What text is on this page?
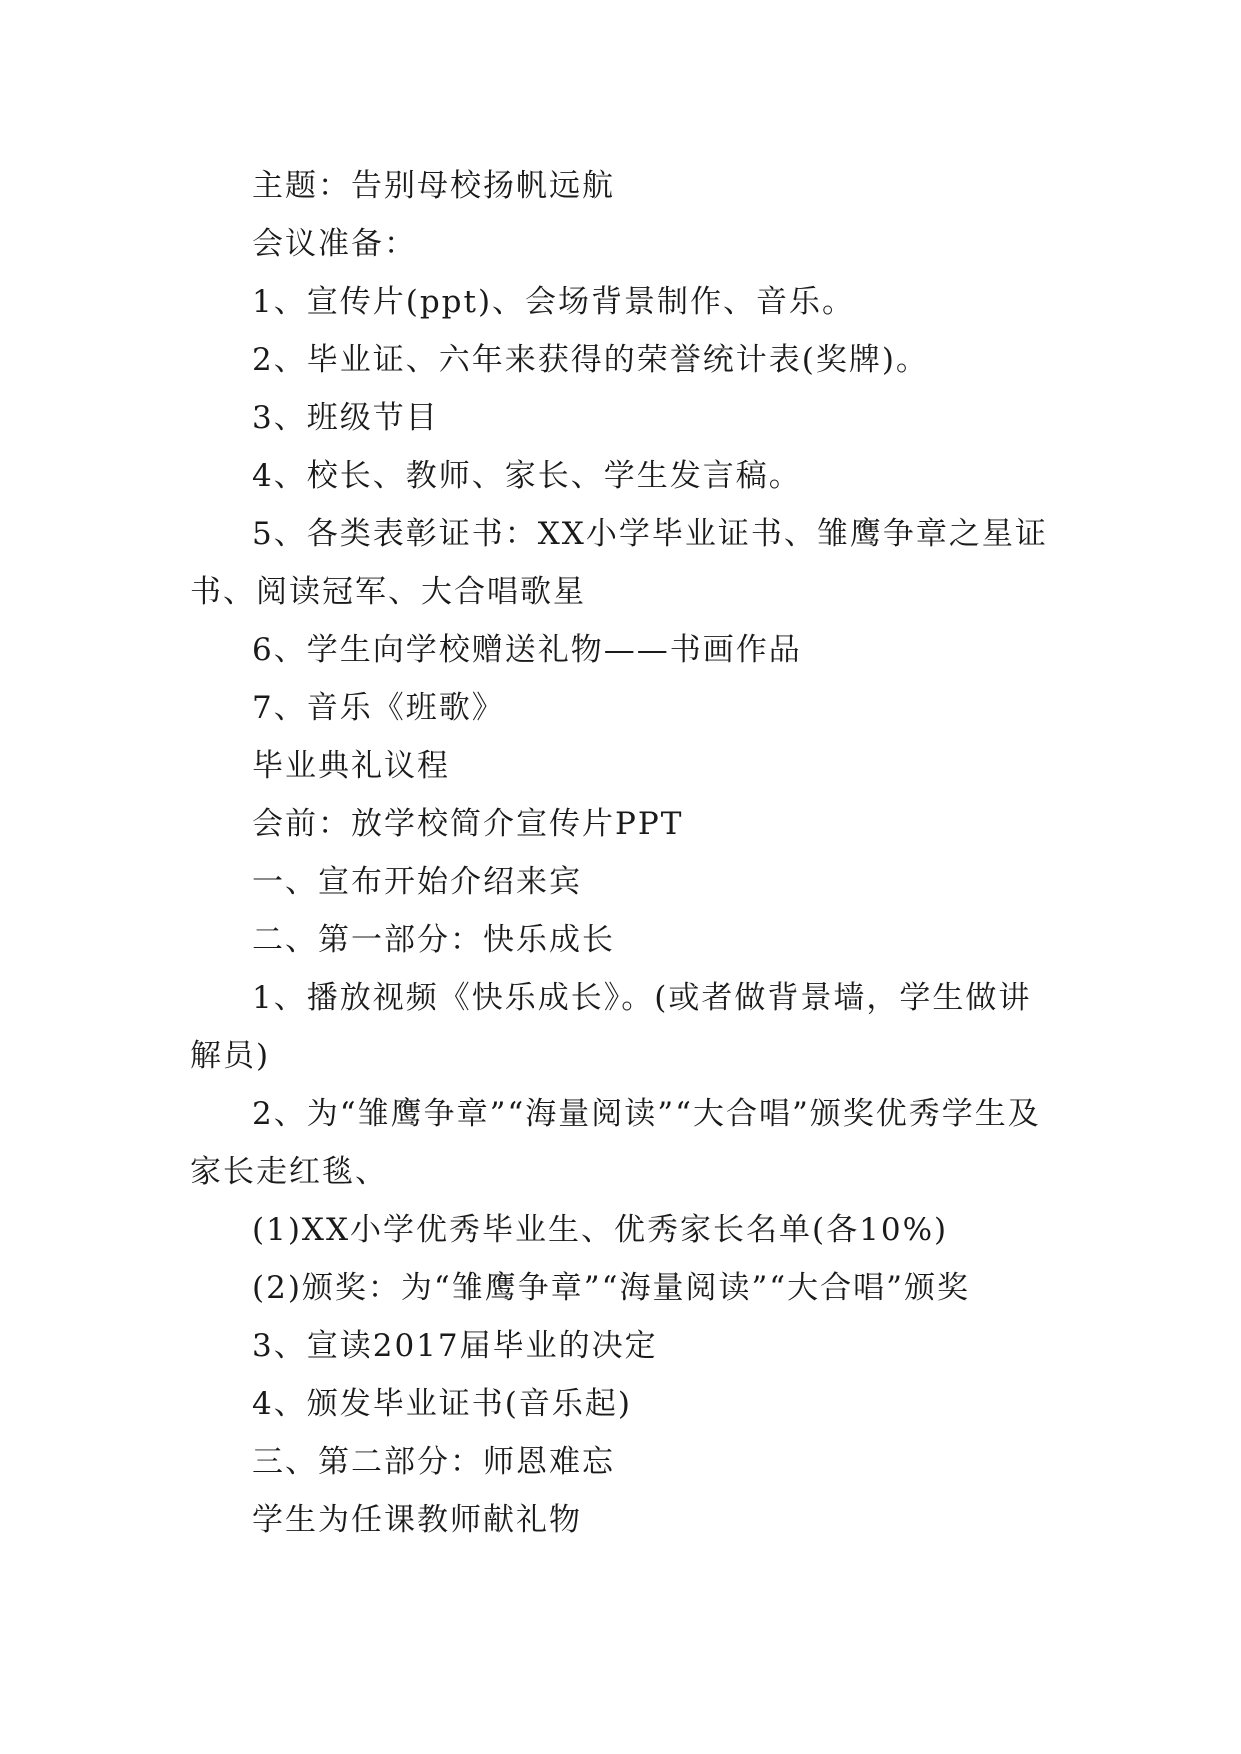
主题：告别母校扬帆远航

会议准备：

1、宣传片(ppt)、会场背景制作、音乐。

2、毕业证、六年来获得的荣誉统计表(奖牌)。

3、班级节目

4、校长、教师、家长、学生发言稿。

5、各类表彰证书：XX小学毕业证书、雏鹰争章之星证书、阅读冠军、大合唱歌星

6、学生向学校赠送礼物——书画作品

7、音乐《班歌》

毕业典礼议程

会前：放学校简介宣传片PPT

一、宣布开始介绍来宾

二、第一部分：快乐成长

1、播放视频《快乐成长》。(或者做背景墙，学生做讲解员)

2、为“雏鹰争章”“海量阅读”“大合唱”颁奖优秀学生及家长走红毯、

(1)XX小学优秀毕业生、优秀家长名单(各10%)

(2)颁奖：为“雏鹰争章”“海量阅读”“大合唱”颁奖

3、宣读2017届毕业的决定

4、颁发毕业证书(音乐起)

三、第二部分：师恩难忘

学生为任课教师献礼物
